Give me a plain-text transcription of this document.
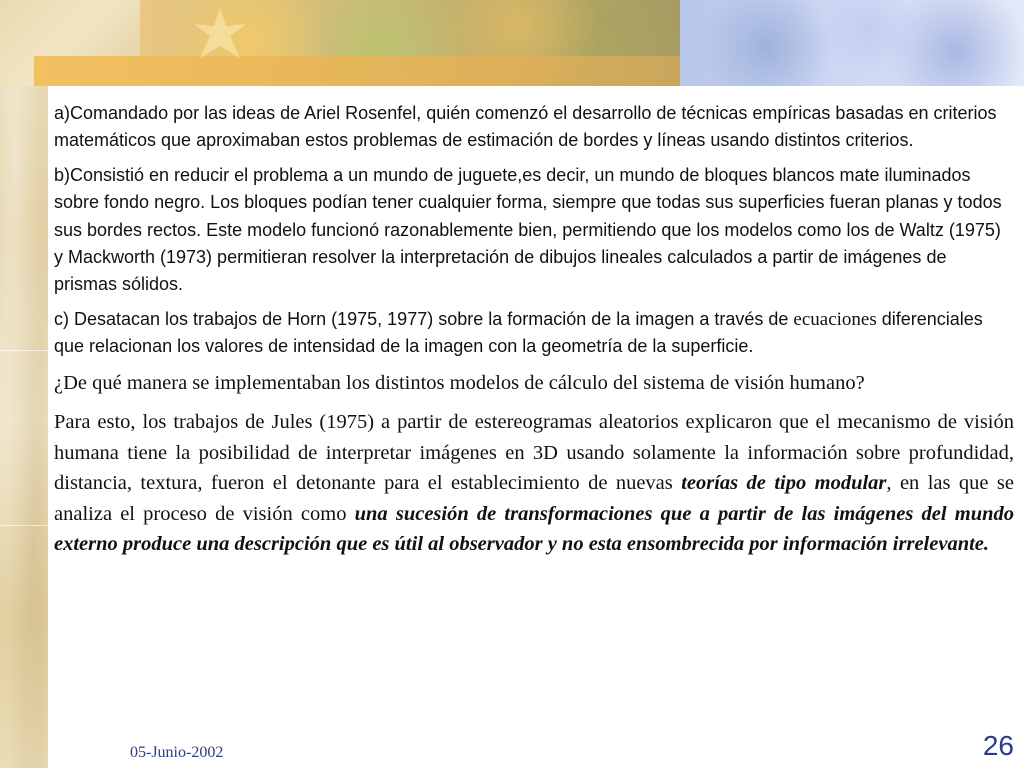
a)Comandado por las ideas de Ariel Rosenfel, quién comenzó el desarrollo de técnicas empíricas basadas en criterios matemáticos que aproximaban estos problemas de estimación de bordes y líneas usando distintos criterios.

b)Consistió en reducir el problema a un mundo de juguete,es decir, un mundo de bloques blancos mate iluminados sobre fondo negro. Los bloques podían tener cualquier forma, siempre que todas sus superficies fueran planas y todos sus bordes rectos. Este modelo funcionó razonablemente bien, permitiendo que los modelos como los de Waltz (1975) y Mackworth (1973) permitieran resolver la interpretación de dibujos lineales calculados a partir de imágenes de prismas sólidos.

c) Desatacan los trabajos de Horn (1975, 1977) sobre la formación de la imagen a través de ecuaciones diferenciales que relacionan los valores de intensidad de la imagen con la geometría de la superficie.

¿De qué manera se implementaban los distintos modelos de cálculo del sistema de visión humano?

Para esto, los trabajos de Jules (1975) a partir de estereogramas aleatorios explicaron que el mecanismo de visión humana tiene la posibilidad de interpretar imágenes en 3D usando solamente la información sobre profundidad, distancia, textura, fueron el detonante para el establecimiento de nuevas teorías de tipo modular, en las que se analiza el proceso de visión como una sucesión de transformaciones que a partir de las imágenes del mundo externo produce una descripción que es útil al observador y no esta ensombrecida por información irrelevante.

05-Junio-2002	26
